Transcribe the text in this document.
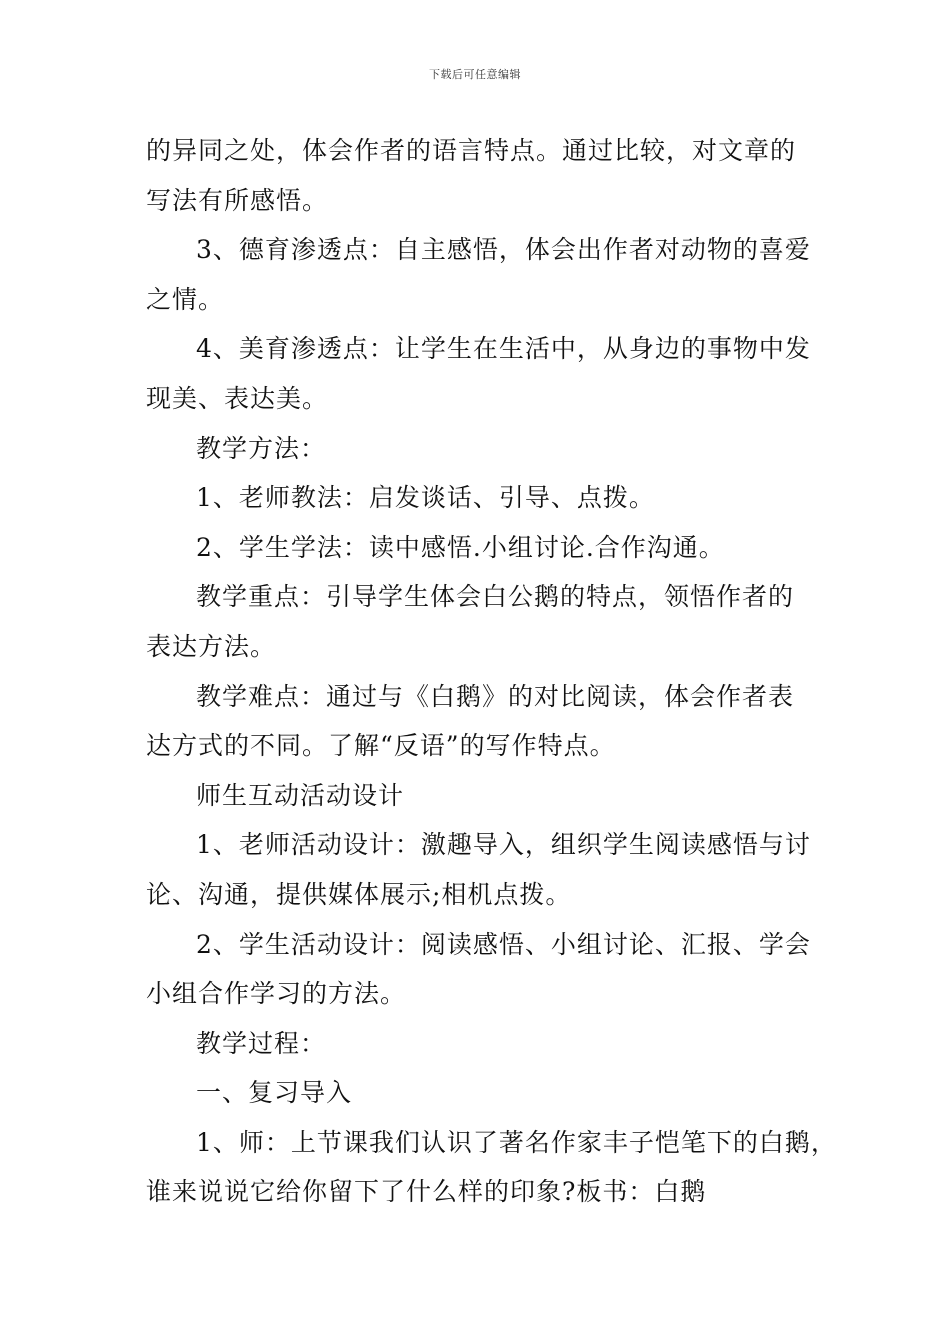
下载后可任意编辑
的异同之处，体会作者的语言特点。通过比较，对文章的
写法有所感悟。
3、德育渗透点：自主感悟，体会出作者对动物的喜爱
之情。
4、美育渗透点：让学生在生活中，从身边的事物中发
现美、表达美。
教学方法：
1、老师教法：启发谈话、引导、点拨。
2、学生学法：读中感悟.小组讨论.合作沟通。
教学重点：引导学生体会白公鹅的特点，领悟作者的
表达方法。
教学难点：通过与《白鹅》的对比阅读，体会作者表
达方式的不同。了解“反语”的写作特点。
师生互动活动设计
1、老师活动设计：激趣导入，组织学生阅读感悟与讨
论、沟通，提供媒体展示;相机点拨。
2、学生活动设计：阅读感悟、小组讨论、汇报、学会
小组合作学习的方法。
教学过程：
一、复习导入
1、师：上节课我们认识了著名作家丰子恺笔下的白鹅，
谁来说说它给你留下了什么样的印象?板书：白鹅
